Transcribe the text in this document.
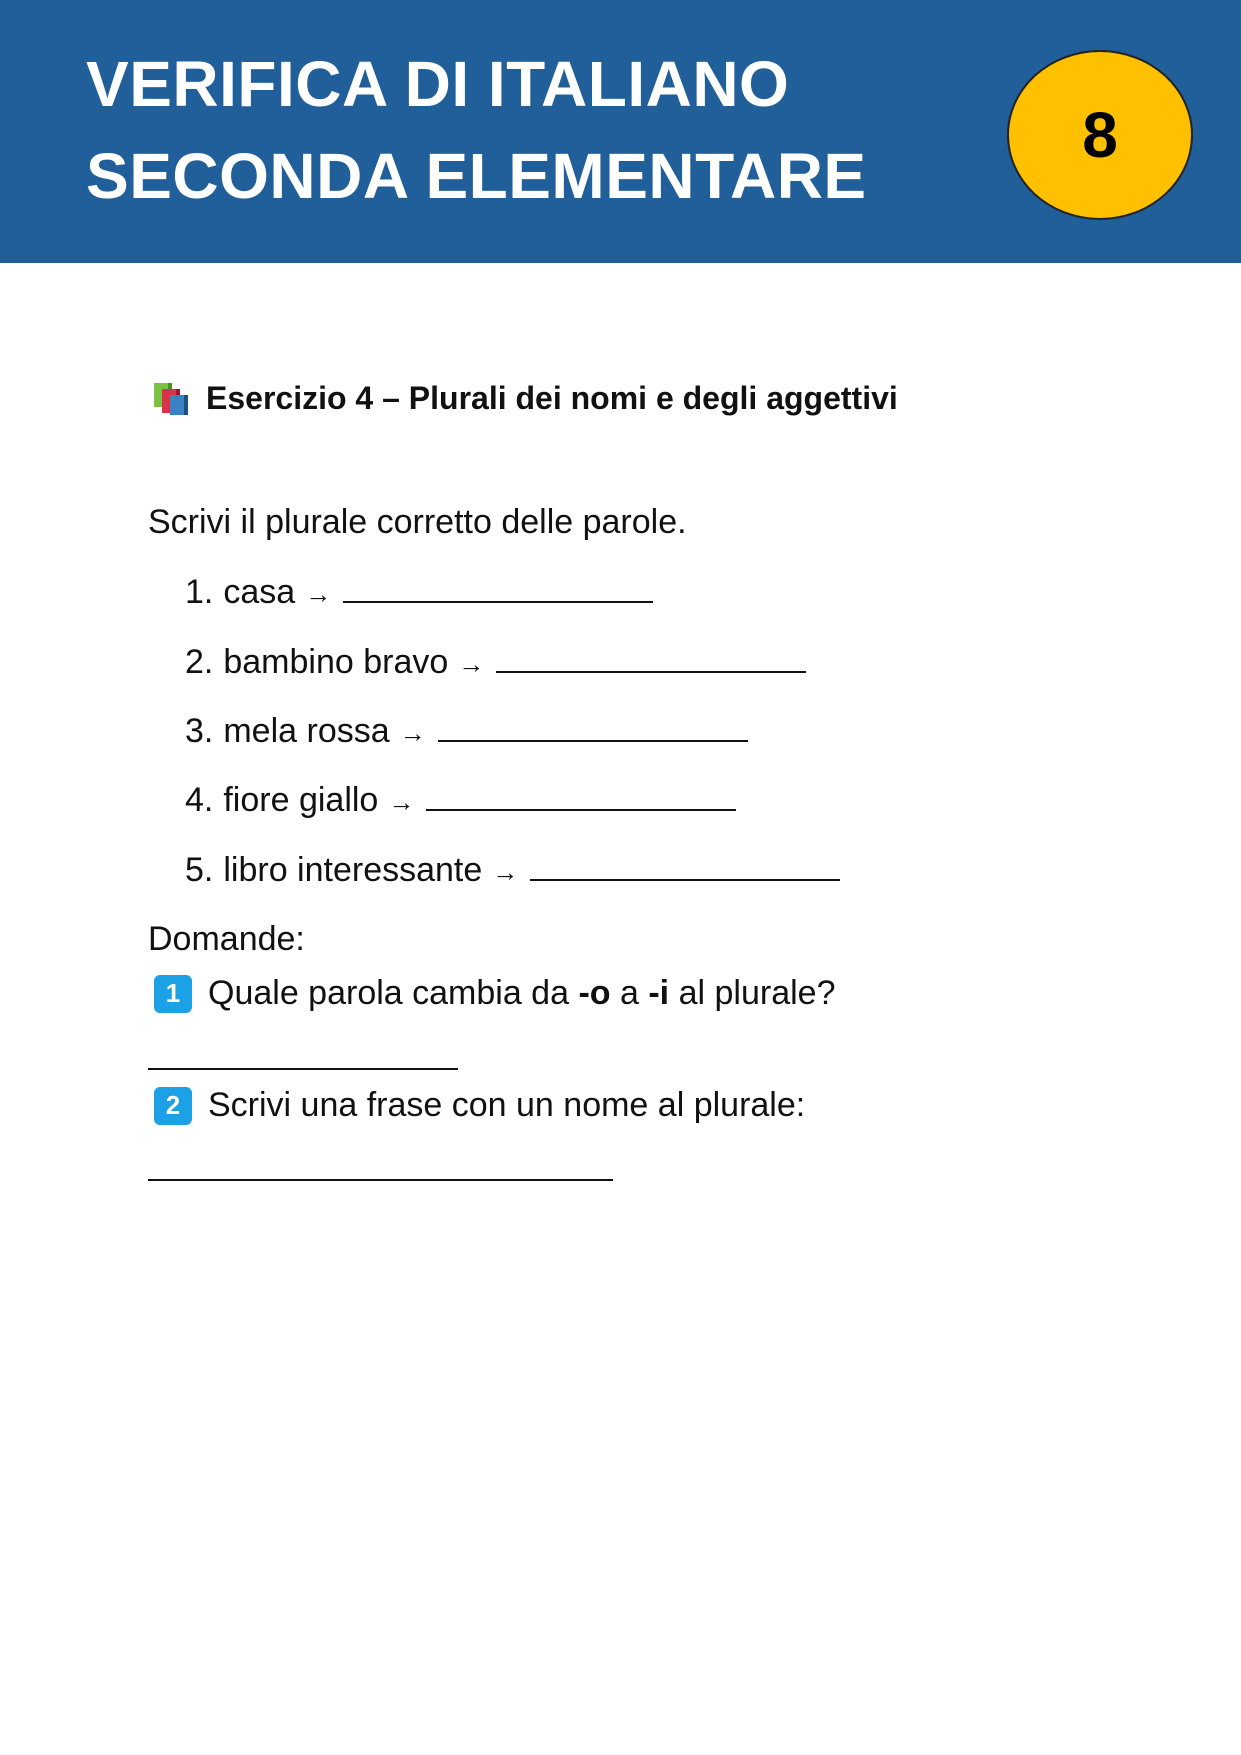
VERIFICA DI ITALIANO
SECONDA ELEMENTARE
8
Esercizio 4 – Plurali dei nomi e degli aggettivi
Scrivi il plurale corretto delle parole.
1. casa →
2. bambino bravo →
3. mela rossa →
4. fiore giallo →
5. libro interessante →
Domande:
1 Quale parola cambia da -o a -i al plurale?
2 Scrivi una frase con un nome al plurale:
